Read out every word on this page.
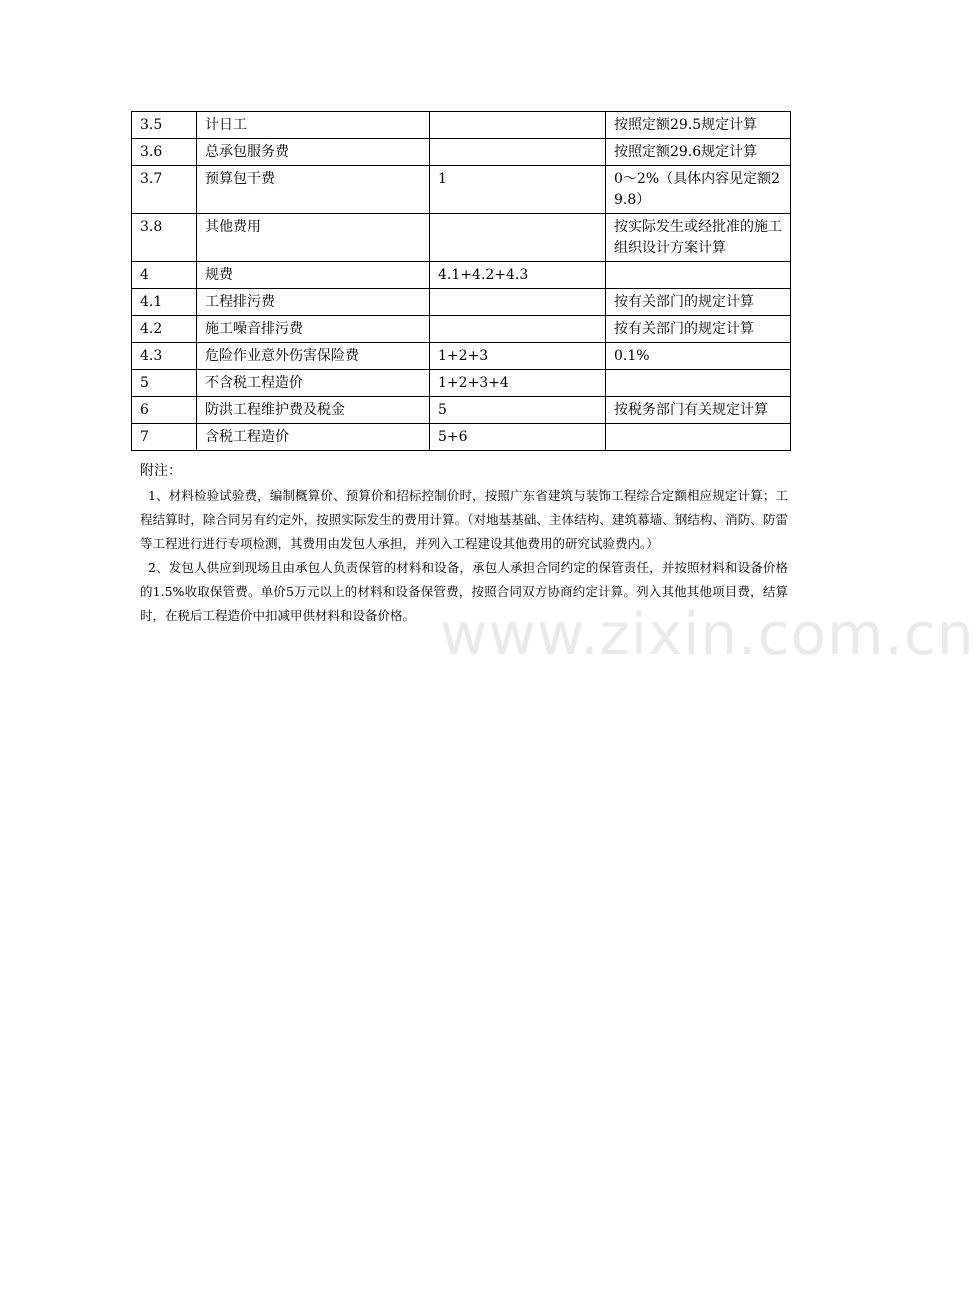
3.5	计日工		按照定额29.5规定计算
3.6	总承包服务费		按照定额29.6规定计算
3.7	预算包干费	1	0～2%（具体内容见定额29.8）
3.8	其他费用		按实际发生或经批准的施工组织设计方案计算
4	规费	4.1+4.2+4.3	
4.1	工程排污费		按有关部门的规定计算
4.2	施工噪音排污费		按有关部门的规定计算
4.3	危险作业意外伤害保险费	1+2+3	0.1%
5	不含税工程造价	1+2+3+4	
6	防洪工程维护费及税金	5	按税务部门有关规定计算
7	含税工程造价	5+6	
附注：

1、材料检验试验费，编制概算价、预算价和招标控制价时，按照广东省建筑与装饰工程综合定额相应规定计算；工程结算时，除合同另有约定外，按照实际发生的费用计算。（对地基基础、主体结构、建筑幕墙、钢结构、消防、防雷等工程进行进行专项检测，其费用由发包人承担，并列入工程建设其他费用的研究试验费内。）

2、发包人供应到现场且由承包人负责保管的材料和设备，承包人承担合同约定的保管责任，并按照材料和设备价格的1.5%收取保管费。单价5万元以上的材料和设备保管费，按照合同双方协商约定计算。列入其他其他项目费，结算时，在税后工程造价中扣减甲供材料和设备价格。 www.zixin.com.cn
